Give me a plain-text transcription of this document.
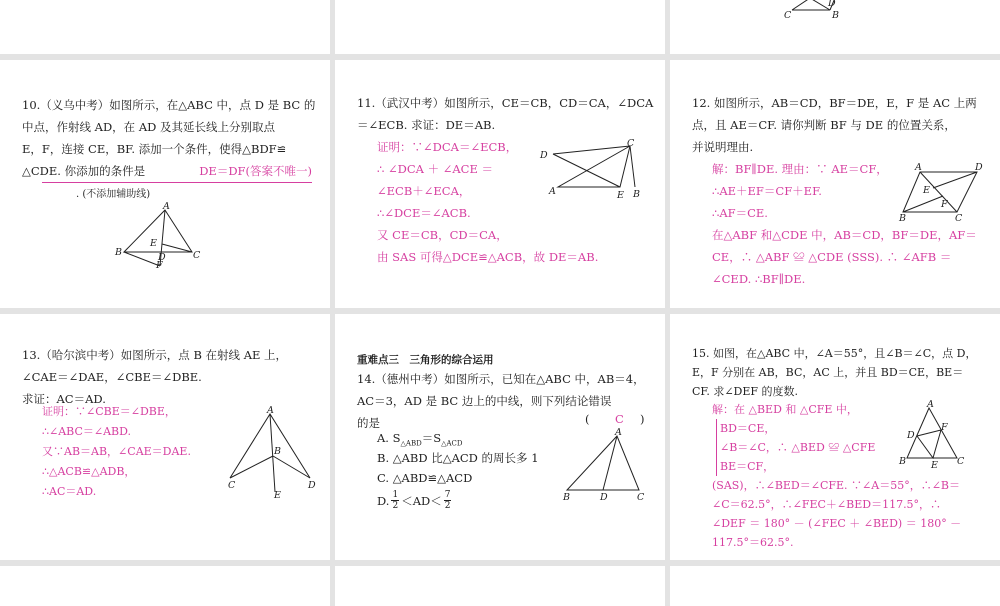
C
D
B
10.（义乌中考）如图所示，在△ABC 中，点 D 是 BC 的
中点，作射线 AD，在 AD 及其延长线上分别取点
E，F，连接 CE，BF. 添加一个条件，使得△BDF≌
△CDE. 你添加的条件是	DE＝DF(答案不唯一)
. (不添加辅助线)
A
B	C
E
D
F
11.（武汉中考）如图所示，CE＝CB，CD＝CA，∠DCA
＝∠ECB. 求证：DE＝AB.
证明：∵∠DCA＝∠ECB，
∴ ∠DCA ＋ ∠ACE ＝
∠ECB＋∠ECA，
∴∠DCE＝∠ACB.
又 CE＝CB，CD＝CA，
由 SAS 可得△DCE≌△ACB，故 DE＝AB.
D
C
A	E B
12. 如图所示，AB＝CD，BF＝DE，E，F 是 AC 上两
点，且 AE＝CF. 请你判断 BF 与 DE 的位置关系，
并说明理由.
解：BF∥DE. 理由：∵ AE＝CF，
∴AE＋EF＝CF＋EF.
∴AF＝CE.
在△ABF 和△CDE 中，AB＝CD，BF＝DE，AF＝
CE，∴ △ABF ≌ △CDE (SSS). ∴ ∠AFB ＝
∠CED. ∴BF∥DE.
A	D
E
F
B	C
13.（哈尔滨中考）如图所示，点 B 在射线 AE 上，
∠CAE＝∠DAE，∠CBE＝∠DBE.
求证：AC＝AD.
证明：∵∠CBE＝∠DBE，
∴∠ABC＝∠ABD.
又∵AB＝AB，∠CAE＝DAE.
∴△ACB≌△ADB，
∴AC＝AD.
A
B
C	D
E
重难点三　三角形的综合运用
14.（德州中考）如图所示，已知在△ABC 中，AB＝4，
AC＝3，AD 是 BC 边上的中线，则下列结论错误
的是	( C )
A. $S_{\triangle ABD}=S_{\triangle ACD}$
B. △ABD 比△ACD 的周长多 1
C. △ABD≌△ACD
D. 1
2 ＜AD＜ 7
2
A
B	D	C
15. 如图，在△ABC 中，∠A＝55°，且∠B＝∠C，点 D，
E，F 分别在 AB，BC，AC 上，并且 BD＝CE，BE＝
CF. 求∠DEF 的度数.
解：在 △BED 和 △CFE 中，
BD＝CE，
∠B＝∠C，∴ △BED ≌ △CFE
BE＝CF，
(SAS)，∴∠BED＝∠CFE. ∵∠A＝55°，∴∠B＝
∠C＝62.5°，∴∠FEC＋∠BED＝117.5°，∴
∠DEF ＝ 180° － (∠FEC ＋ ∠BED) ＝ 180° －
117.5°＝62.5°.
A
D
F
B	E C
